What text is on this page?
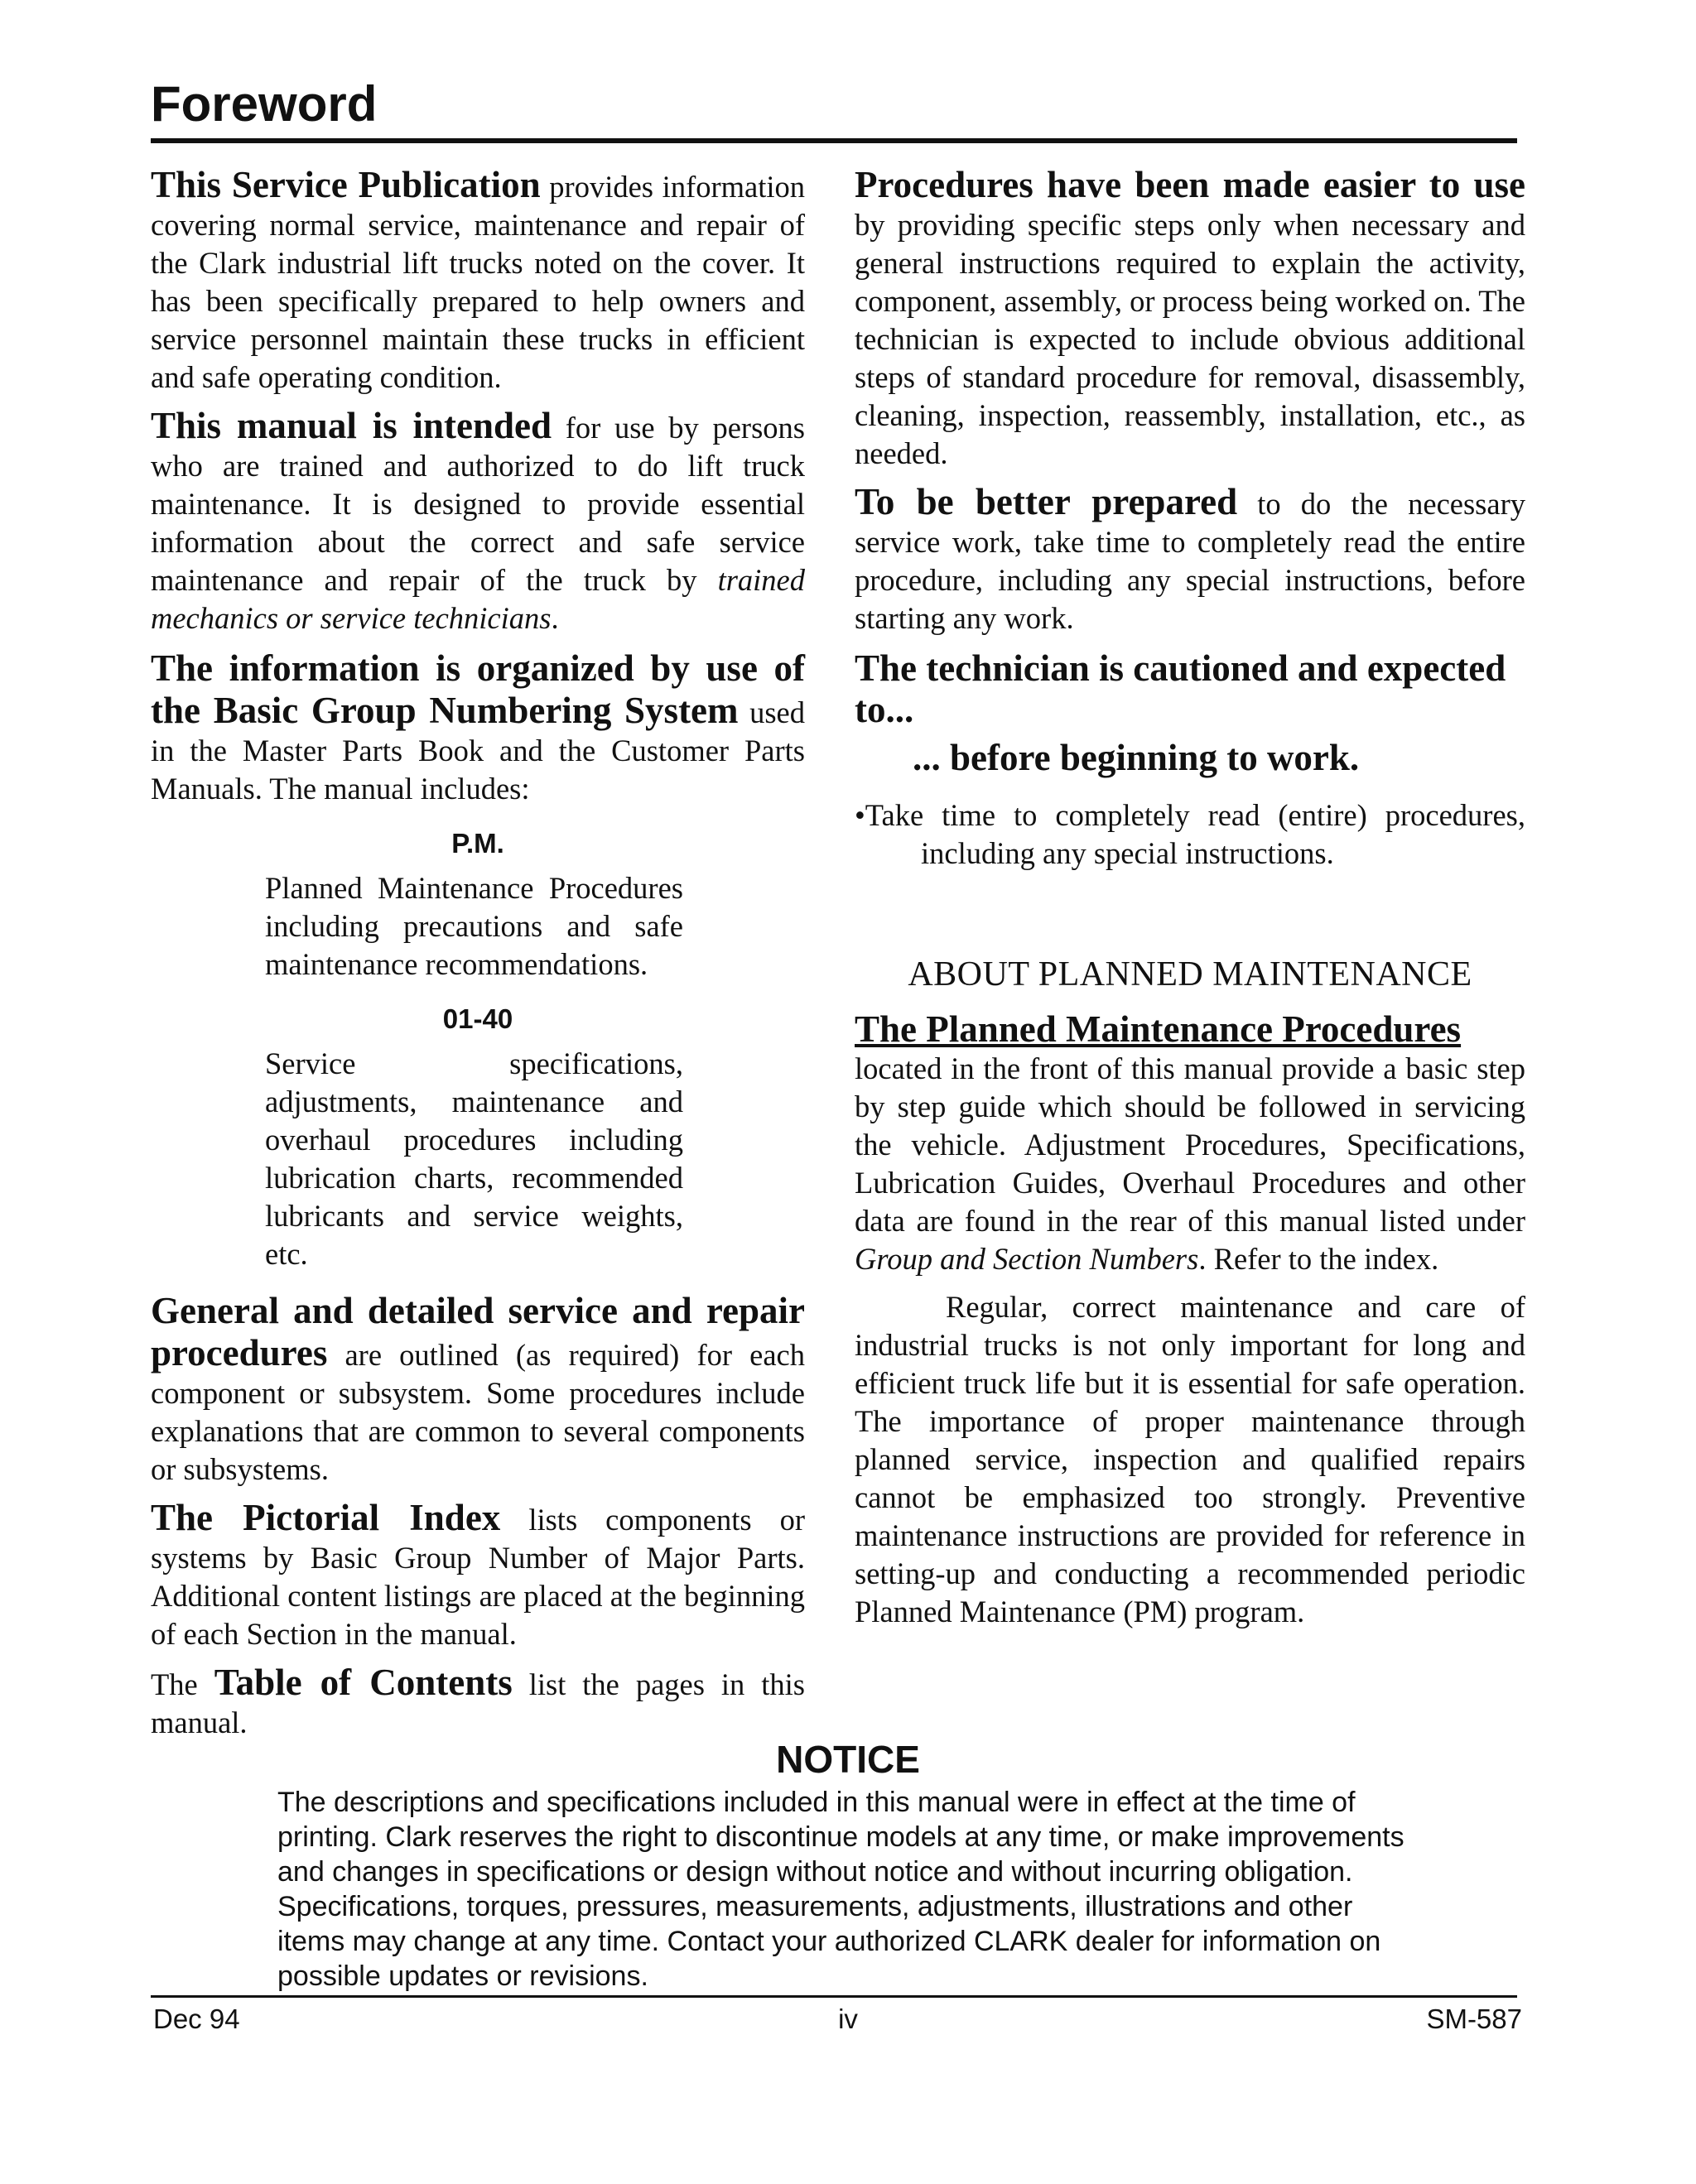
Foreword

This Service Publication provides information covering normal service, maintenance and repair of the Clark industrial lift trucks noted on the cover. It has been specifically prepared to help owners and service personnel maintain these trucks in efficient and safe operating condition.

This manual is intended for use by persons who are trained and authorized to do lift truck maintenance. It is designed to provide essential information about the correct and safe service maintenance and repair of the truck by trained mechanics or service technicians.

The information is organized by use of the Basic Group Numbering System used in the Master Parts Book and the Customer Parts Manuals. The manual includes:

P.M.
Planned Maintenance Procedures including precautions and safe maintenance recommendations.
01-40
Service specifications, adjustments, maintenance and overhaul procedures including lubrication charts, recommended lubricants and service weights, etc.

General and detailed service and repair procedures are outlined (as required) for each component or subsystem. Some procedures include explanations that are common to several components or subsystems.

The Pictorial Index lists components or systems by Basic Group Number of Major Parts. Additional content listings are placed at the beginning of each Section in the manual.

The Table of Contents list the pages in this manual.

Procedures have been made easier to use by providing specific steps only when necessary and general instructions required to explain the activity, component, assembly, or process being worked on. The technician is expected to include obvious additional steps of standard procedure for removal, disassembly, cleaning, inspection, reassembly, installation, etc., as needed.

To be better prepared to do the necessary service work, take time to completely read the entire procedure, including any special instructions, before starting any work.

The technician is cautioned and expected to...

... before beginning to work.

•Take time to completely read (entire) procedures, including any special instructions.

ABOUT PLANNED MAINTENANCE
The Planned Maintenance Procedures

located in the front of this manual provide a basic step by step guide which should be followed in servicing the vehicle. Adjustment Procedures, Specifications, Lubrication Guides, Overhaul Procedures and other data are found in the rear of this manual listed under Group and Section Numbers. Refer to the index.

Regular, correct maintenance and care of industrial trucks is not only important for long and efficient truck life but it is essential for safe operation. The importance of proper maintenance through planned service, inspection and qualified repairs cannot be emphasized too strongly. Preventive maintenance instructions are provided for reference in setting-up and conducting a recommended periodic Planned Maintenance (PM) program.

NOTICE
The descriptions and specifications included in this manual were in effect at the time of printing. Clark reserves the right to discontinue models at any time, or make improvements and changes in specifications or design without notice and without incurring obligation. Specifications, torques, pressures, measurements, adjustments, illustrations and other items may change at any time. Contact your authorized CLARK dealer for information on possible updates or revisions.
Dec 94	iv	SM-587
